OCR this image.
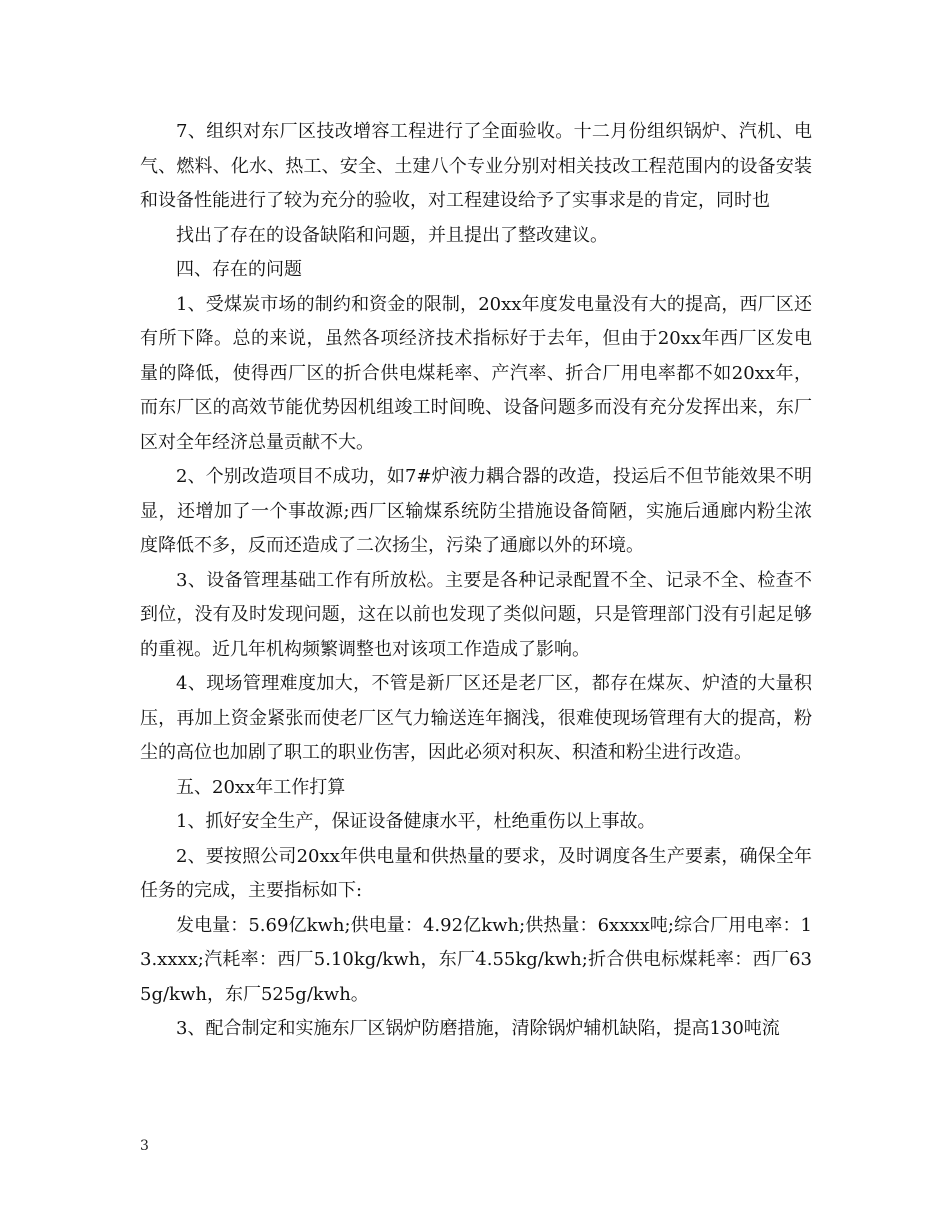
7、组织对东厂区技改增容工程进行了全面验收。十二月份组织锅炉、汽机、电气、燃料、化水、热工、安全、土建八个专业分别对相关技改工程范围内的设备安装和设备性能进行了较为充分的验收，对工程建设给予了实事求是的肯定，同时也

找出了存在的设备缺陷和问题，并且提出了整改建议。

四、存在的问题

1、受煤炭市场的制约和资金的限制，20xx年度发电量没有大的提高，西厂区还有所下降。总的来说，虽然各项经济技术指标好于去年，但由于20xx年西厂区发电量的降低，使得西厂区的折合供电煤耗率、产汽率、折合厂用电率都不如20xx年，而东厂区的高效节能优势因机组竣工时间晚、设备问题多而没有充分发挥出来，东厂区对全年经济总量贡献不大。

2、个别改造项目不成功，如7#炉液力耦合器的改造，投运后不但节能效果不明显，还增加了一个事故源;西厂区输煤系统防尘措施设备简陋，实施后通廊内粉尘浓度降低不多，反而还造成了二次扬尘，污染了通廊以外的环境。

3、设备管理基础工作有所放松。主要是各种记录配置不全、记录不全、检查不到位，没有及时发现问题，这在以前也发现了类似问题，只是管理部门没有引起足够的重视。近几年机构频繁调整也对该项工作造成了影响。

4、现场管理难度加大，不管是新厂区还是老厂区，都存在煤灰、炉渣的大量积压，再加上资金紧张而使老厂区气力输送连年搁浅，很难使现场管理有大的提高，粉尘的高位也加剧了职工的职业伤害，因此必须对积灰、积渣和粉尘进行改造。

五、20xx年工作打算

1、抓好安全生产，保证设备健康水平，杜绝重伤以上事故。

2、要按照公司20xx年供电量和供热量的要求，及时调度各生产要素，确保全年任务的完成，主要指标如下:

发电量：5.69亿kwh;供电量：4.92亿kwh;供热量：6xxxx吨;综合厂用电率：13.xxxx;汽耗率：西厂5.10kg/kwh，东厂4.55kg/kwh;折合供电标煤耗率：西厂635g/kwh，东厂525g/kwh。

3、配合制定和实施东厂区锅炉防磨措施，清除锅炉辅机缺陷，提高130吨流

3
